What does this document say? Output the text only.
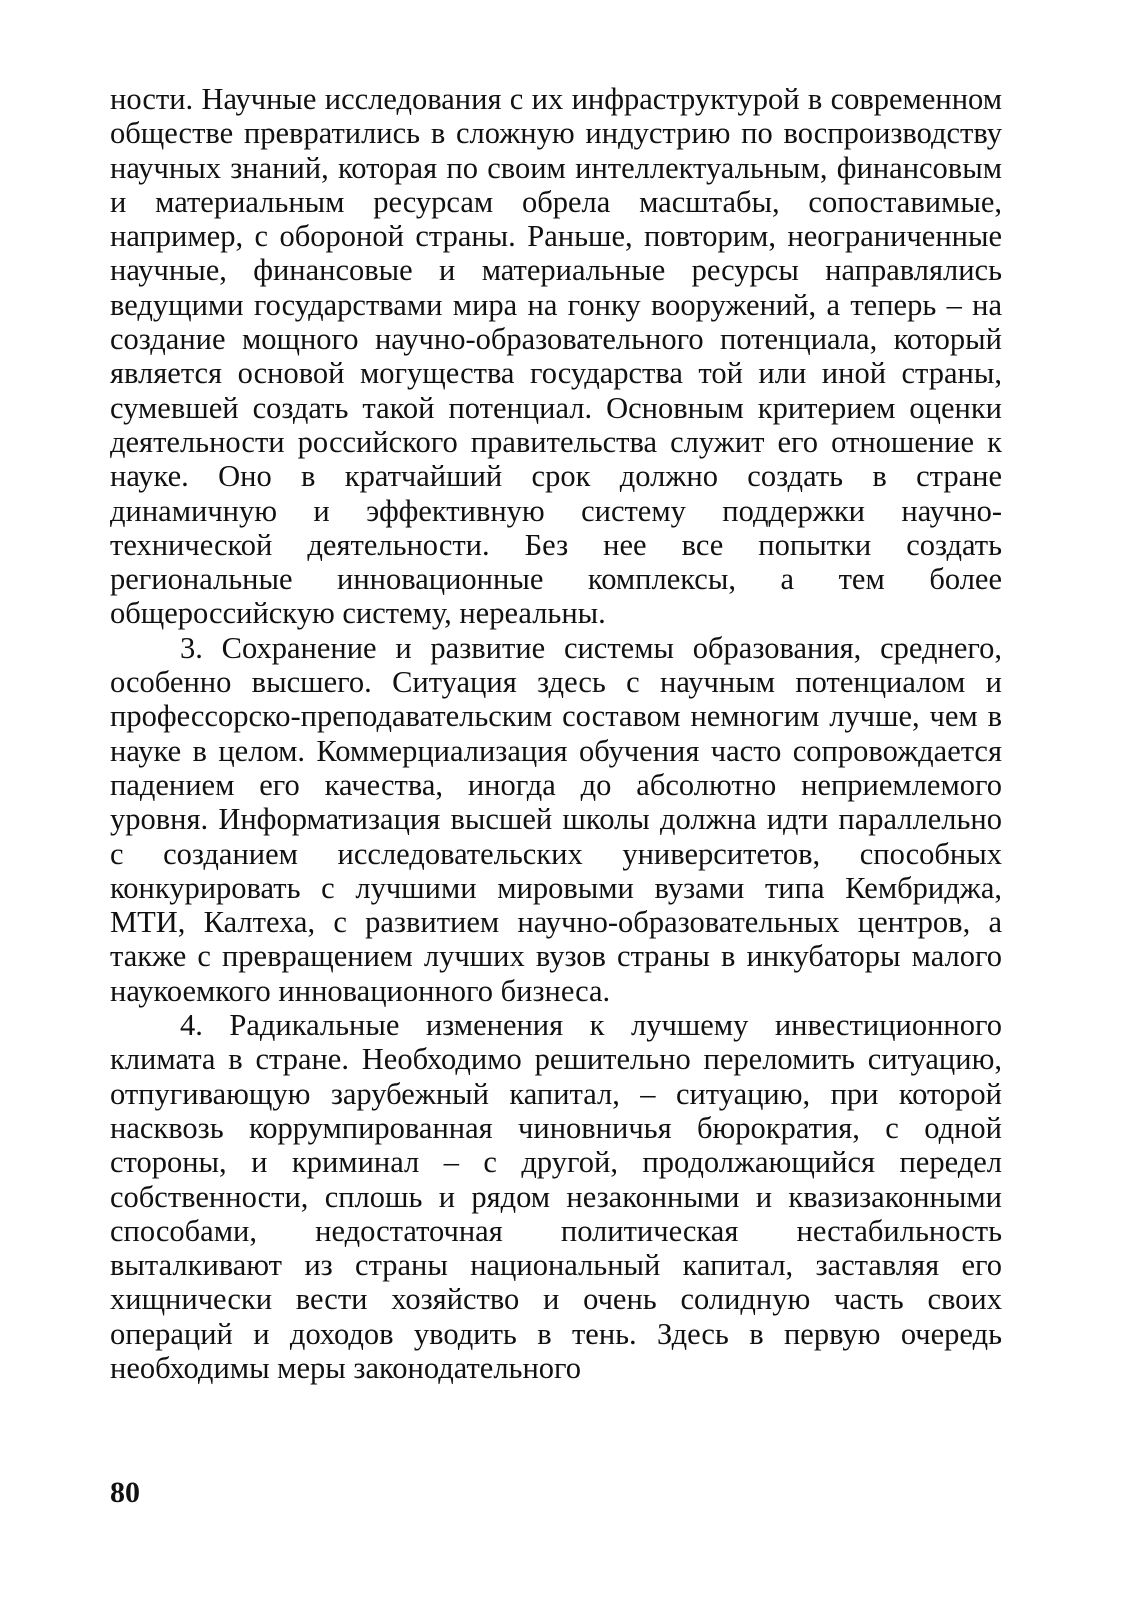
ности. Научные исследования с их инфраструктурой в современном обществе превратились в сложную индустрию по воспроизводству научных знаний, которая по своим интеллектуальным, финансовым и материальным ресурсам обрела масштабы, сопоставимые, например, с обороной страны. Раньше, повторим, неограниченные научные, финансовые и материальные ресурсы направлялись ведущими государствами мира на гонку вооружений, а теперь – на создание мощного научно-образовательного потенциала, который является основой могущества государства той или иной страны, сумевшей создать такой потенциал. Основным критерием оценки деятельности российского правительства служит его отношение к науке. Оно в кратчайший срок должно создать в стране динамичную и эффективную систему поддержки научно-технической деятельности. Без нее все попытки создать региональные инновационные комплексы, а тем более общероссийскую систему, нереальны.

3. Сохранение и развитие системы образования, среднего, особенно высшего. Ситуация здесь с научным потенциалом и профессорско-преподавательским составом немногим лучше, чем в науке в целом. Коммерциализация обучения часто сопровождается падением его качества, иногда до абсолютно неприемлемого уровня. Информатизация высшей школы должна идти параллельно с созданием исследовательских университетов, способных конкурировать с лучшими мировыми вузами типа Кембриджа, МТИ, Калтеха, с развитием научно-образовательных центров, а также с превращением лучших вузов страны в инкубаторы малого наукоемкого инновационного бизнеса.

4. Радикальные изменения к лучшему инвестиционного климата в стране. Необходимо решительно переломить ситуацию, отпугивающую зарубежный капитал, – ситуацию, при которой насквозь коррумпированная чиновничья бюрократия, с одной стороны, и криминал – с другой, продолжающийся передел собственности, сплошь и рядом незаконными и квазизаконными способами, недостаточная политическая нестабильность выталкивают из страны национальный капитал, заставляя его хищнически вести хозяйство и очень солидную часть своих операций и доходов уводить в тень. Здесь в первую очередь необходимы меры законодательного

80
